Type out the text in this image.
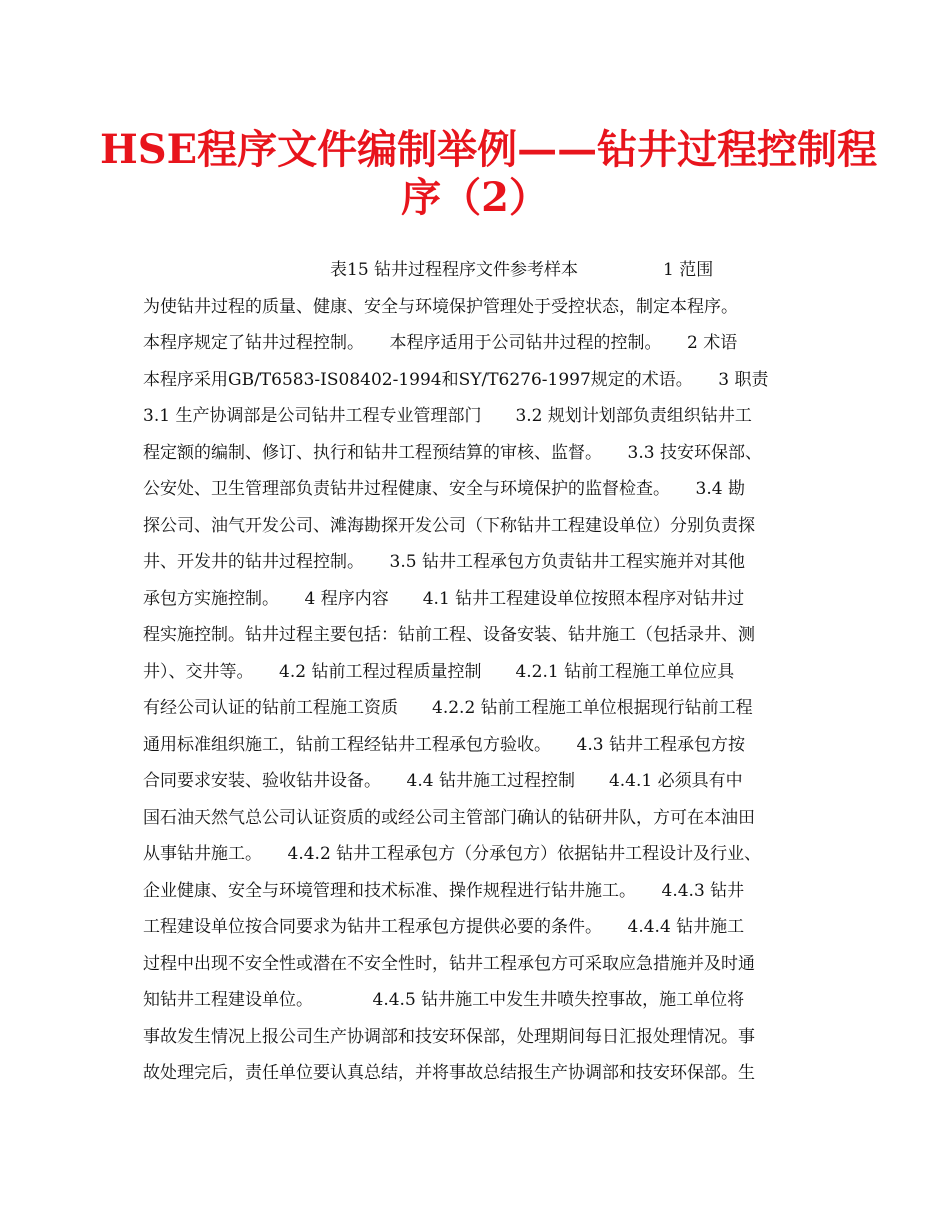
HSE程序文件编制举例——钻井过程控制程
序（2）
　　　　　　　　　　　表15 钻井过程程序文件参考样本　　　　　1 范围
为使钻井过程的质量、健康、安全与环境保护管理处于受控状态，制定本程序。
本程序规定了钻井过程控制。　　本程序适用于公司钻井过程的控制。　　2 术语
本程序采用GB/T6583-IS08402-1994和SY/T6276-1997规定的术语。　　3 职责
3.1 生产协调部是公司钻井工程专业管理部门　　3.2 规划计划部负责组织钻井工
程定额的编制、修订、执行和钻井工程预结算的审核、监督。　　3.3 技安环保部、
公安处、卫生管理部负责钻井过程健康、安全与环境保护的监督检查。　　3.4 勘
探公司、油气开发公司、滩海勘探开发公司（下称钻井工程建设单位）分别负责探
井、开发井的钻井过程控制。　　3.5 钻井工程承包方负责钻井工程实施并对其他
承包方实施控制。　　4 程序内容　　4.1 钻井工程建设单位按照本程序对钻井过
程实施控制。钻井过程主要包括：钻前工程、设备安装、钻井施工（包括录井、测
井）、交井等。　　4.2 钻前工程过程质量控制　　4.2.1 钻前工程施工单位应具
有经公司认证的钻前工程施工资质　　4.2.2 钻前工程施工单位根据现行钻前工程
通用标准组织施工，钻前工程经钻井工程承包方验收。　　4.3 钻井工程承包方按
合同要求安装、验收钻井设备。　　4.4 钻井施工过程控制　　4.4.1 必须具有中
国石油天然气总公司认证资质的或经公司主管部门确认的钻研井队，方可在本油田
从事钻井施工。　　4.4.2 钻井工程承包方（分承包方）依据钻井工程设计及行业、
企业健康、安全与环境管理和技术标准、操作规程进行钻井施工。　　4.4.3 钻井
工程建设单位按合同要求为钻井工程承包方提供必要的条件。　　4.4.4 钻井施工
过程中出现不安全性或潜在不安全性时，钻井工程承包方可采取应急措施并及时通
知钻井工程建设单位。　　　　4.4.5 钻井施工中发生井喷失控事故，施工单位将
事故发生情况上报公司生产协调部和技安环保部，处理期间每日汇报处理情况。事
故处理完后，责任单位要认真总结，并将事故总结报生产协调部和技安环保部。生
